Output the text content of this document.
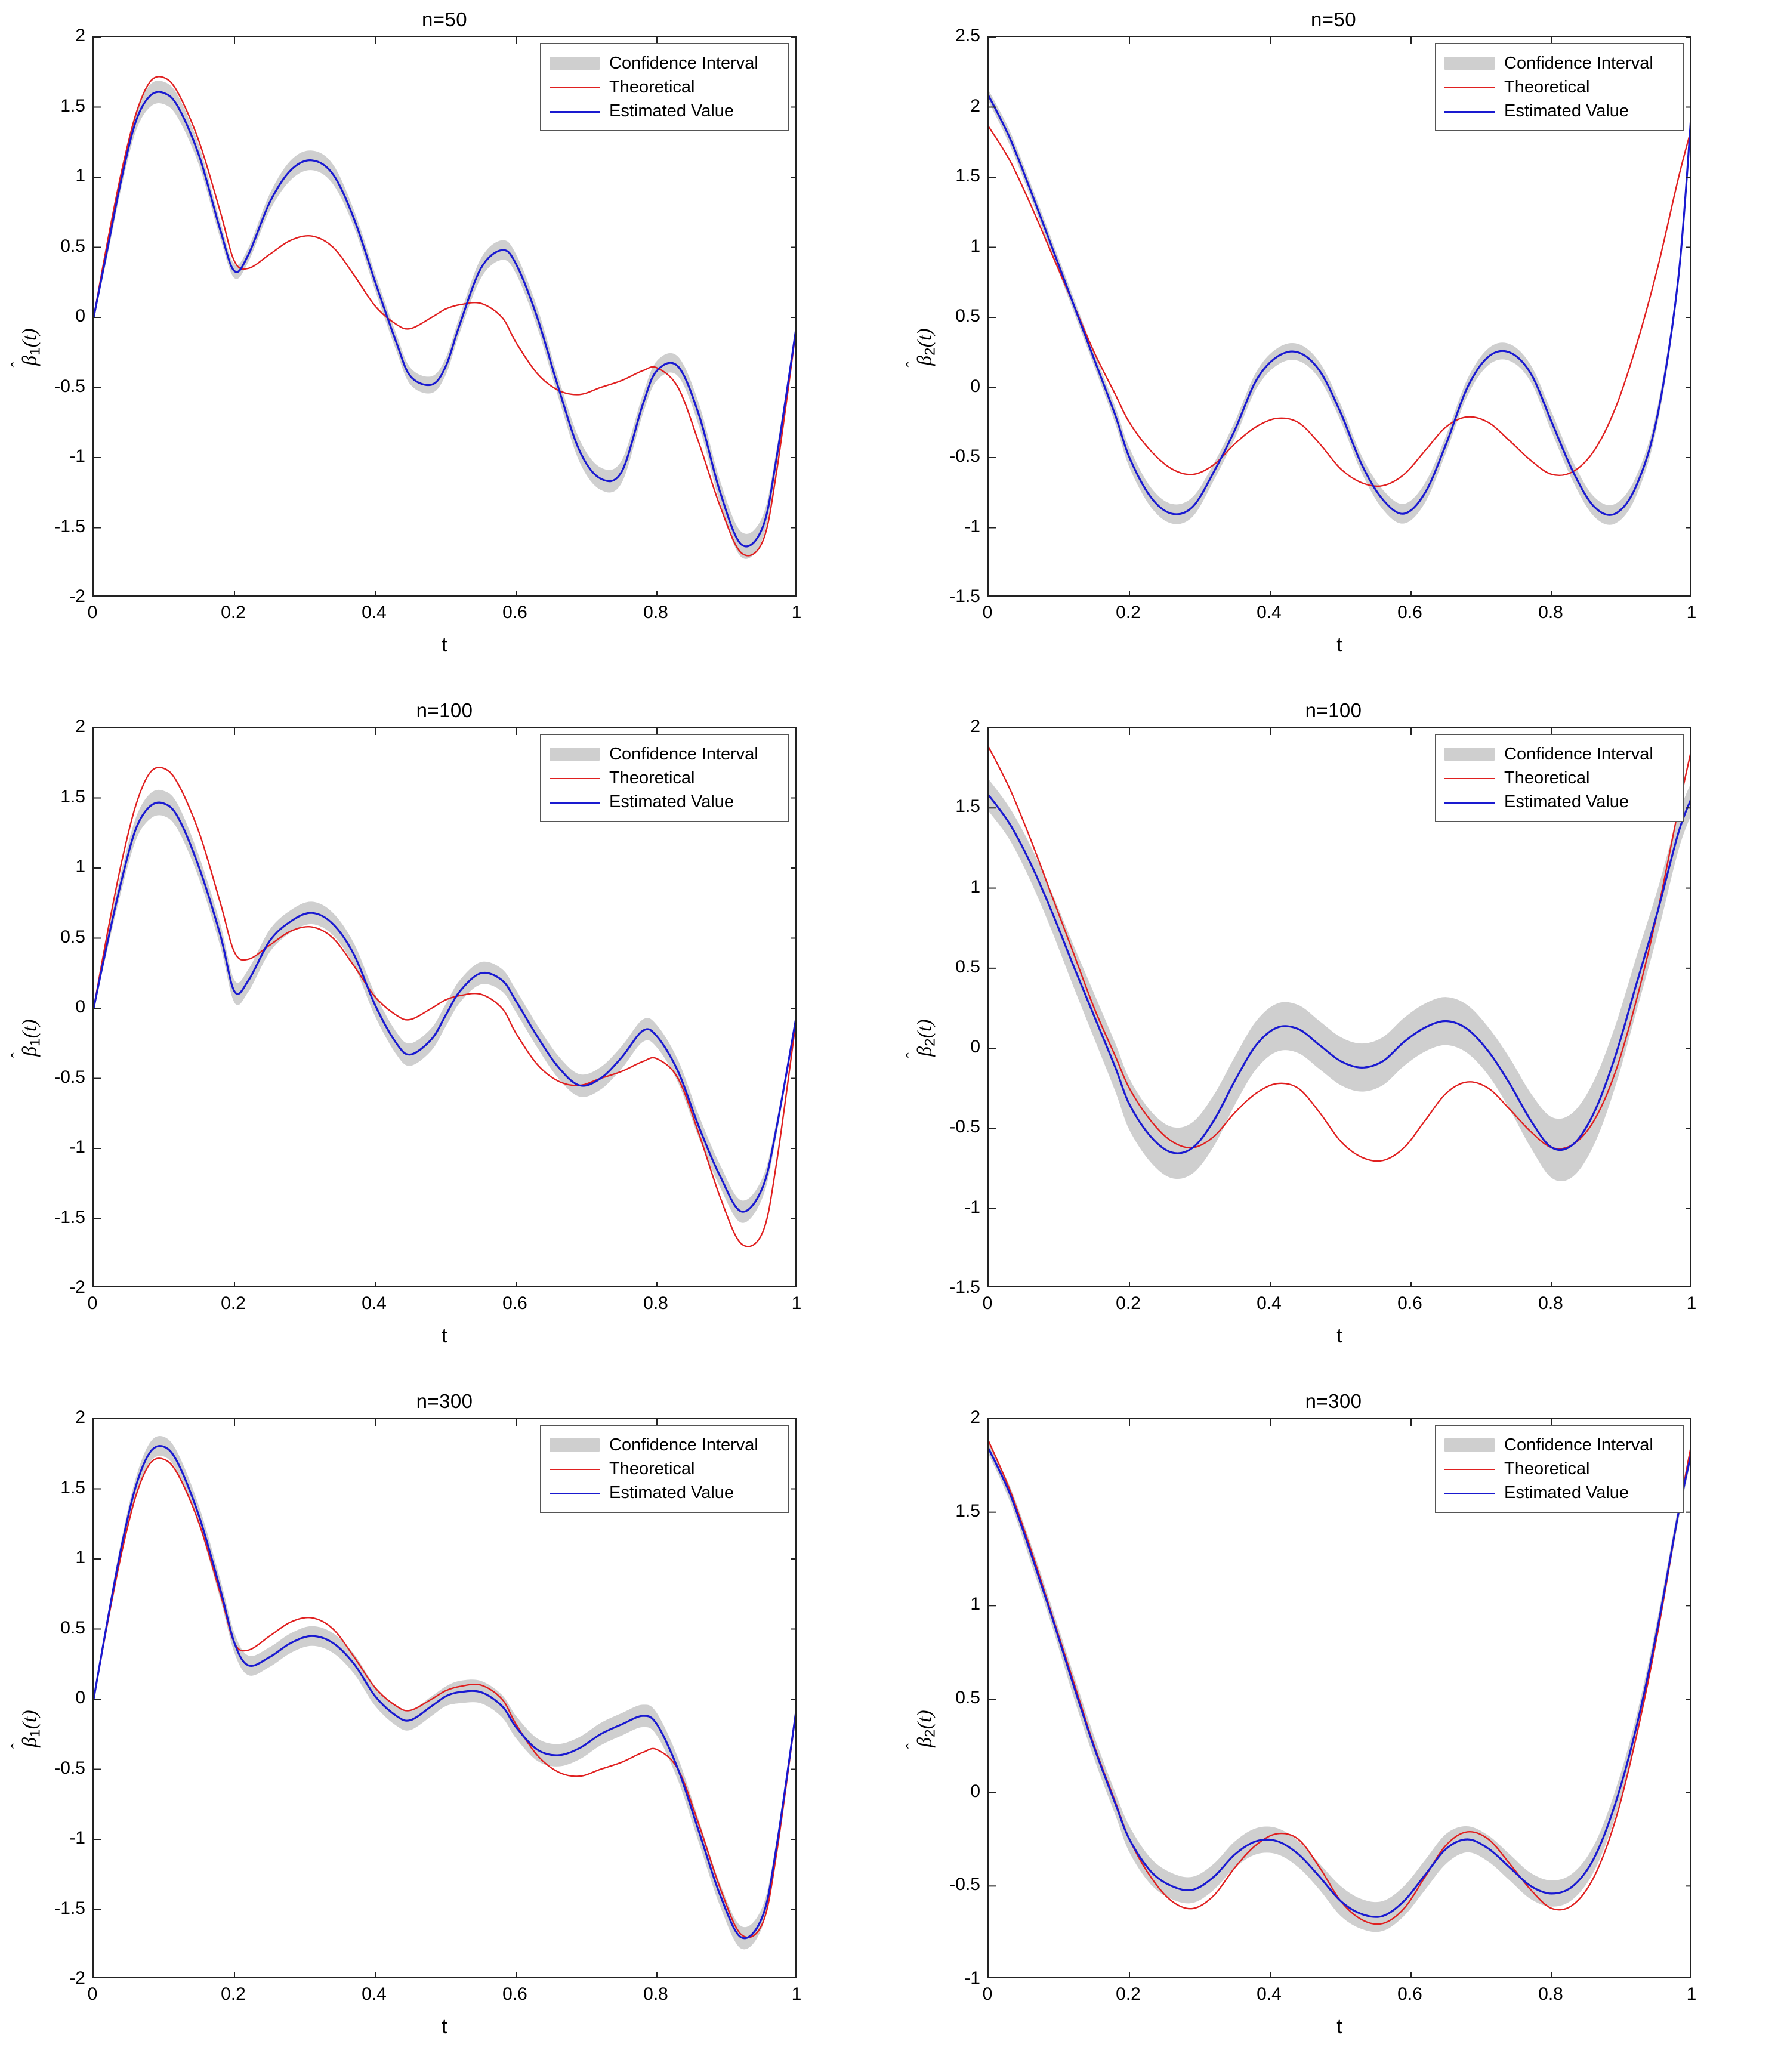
n=50
β
$_1$(t)
t
0	0.2	0.4	0.6	0.8	1
-2
-1.5
-1
-0.5
0
0.5
1
1.5
2
Confidence Interval
Theoretical
Estimated Value
n=50
β
$_2$(t)
t
0	0.2	0.4	0.6	0.8	1
-1.5
-1
-0.5
0
0.5
1
1.5
2
2.5
Confidence Interval
Theoretical
Estimated Value
n=100
β
$_1$(t)
t
0	0.2	0.4	0.6	0.8	1
-2
-1.5
-1
-0.5
0
0.5
1
1.5
2
Confidence Interval
Theoretical
Estimated Value
n=100
β
$_2$(t)
t
0	0.2	0.4	0.6	0.8	1
-1.5
-1
-0.5
0
0.5
1
1.5
2
Confidence Interval
Theoretical
Estimated Value
n=300
β
$_1$(t)
t
0	0.2	0.4	0.6	0.8	1
-2
-1.5
-1
-0.5
0
0.5
1
1.5
2
Confidence Interval
Theoretical
Estimated Value
n=300
β
$_2$(t)
t
0	0.2	0.4	0.6	0.8	1
-1
-0.5
0
0.5
1
1.5
2
Confidence Interval
Theoretical
Estimated Value
